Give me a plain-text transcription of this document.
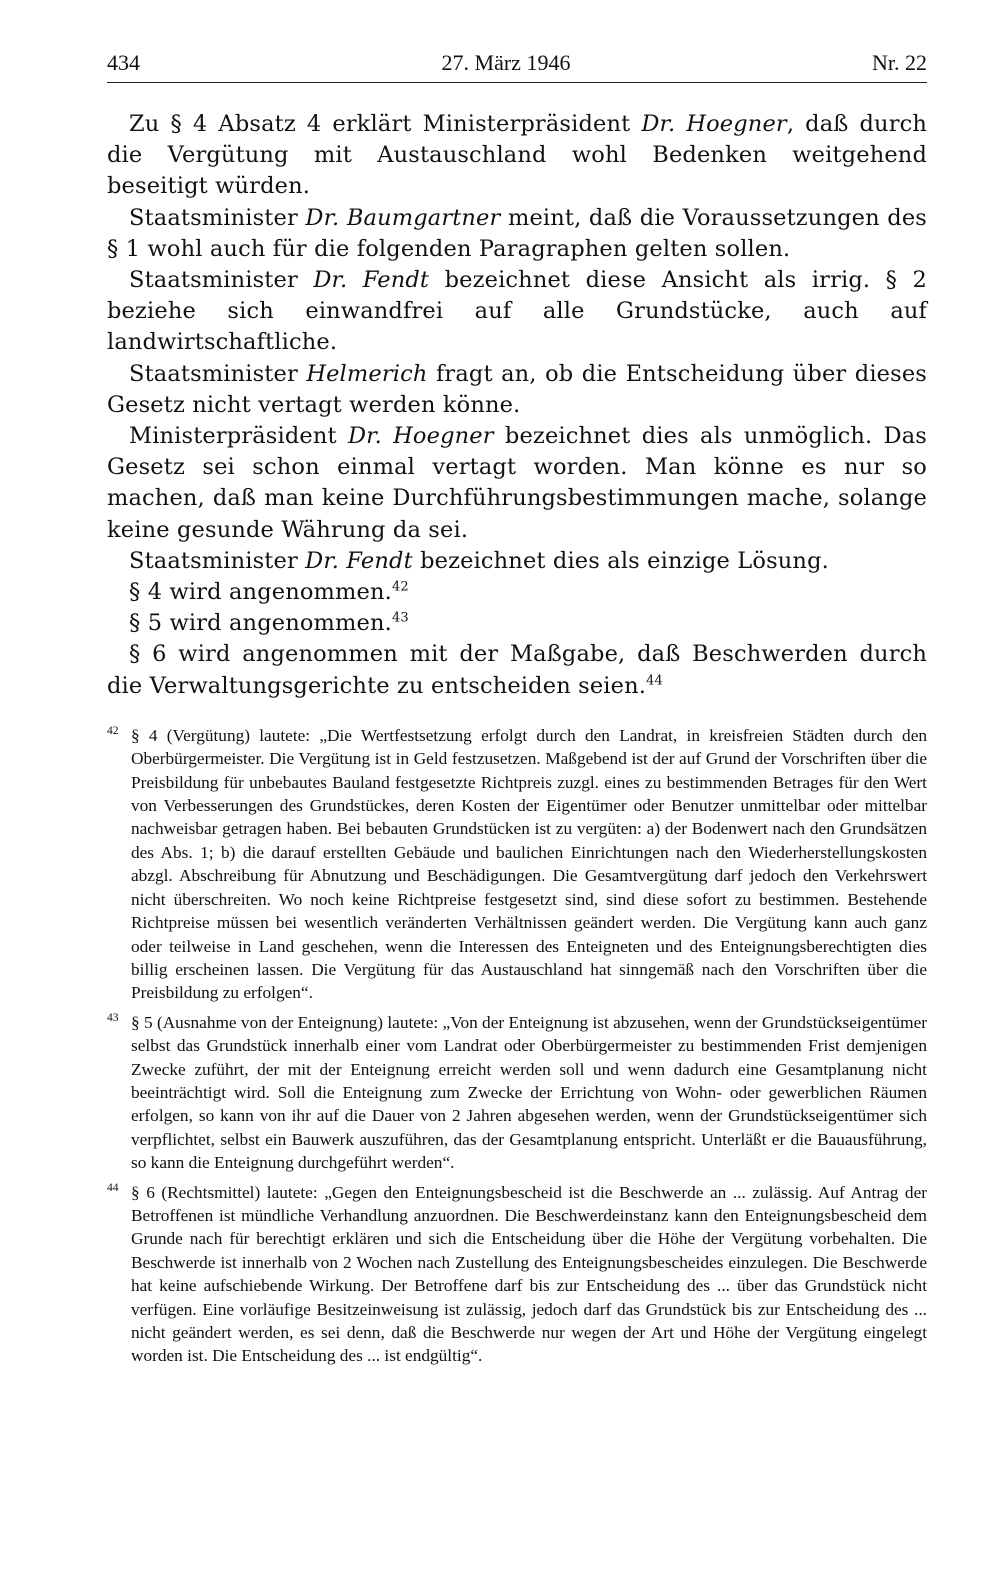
434	27. März 1946	Nr. 22

Zu § 4 Absatz 4 erklärt Ministerpräsident Dr. Hoegner, daß durch die Vergütung mit Austauschland wohl Bedenken weitgehend beseitigt würden.

Staatsminister Dr. Baumgartner meint, daß die Voraussetzungen des § 1 wohl auch für die folgenden Paragraphen gelten sollen.

Staatsminister Dr. Fendt bezeichnet diese Ansicht als irrig. § 2 beziehe sich einwandfrei auf alle Grundstücke, auch auf landwirtschaftliche.

Staatsminister Helmerich fragt an, ob die Entscheidung über dieses Gesetz nicht vertagt werden könne.

Ministerpräsident Dr. Hoegner bezeichnet dies als unmöglich. Das Gesetz sei schon einmal vertagt worden. Man könne es nur so machen, daß man keine Durchführungsbestimmungen mache, solange keine gesunde Währung da sei.

Staatsminister Dr. Fendt bezeichnet dies als einzige Lösung.

§ 4 wird angenommen.$^{42}$

§ 5 wird angenommen.$^{43}$

§ 6 wird angenommen mit der Maßgabe, daß Beschwerden durch die Verwaltungsgerichte zu entscheiden seien.$^{44}$

42 § 4 (Vergütung) lautete: „Die Wertfestsetzung erfolgt durch den Landrat, in kreisfreien Städten durch den Oberbürgermeister. Die Vergütung ist in Geld festzusetzen. Maßgebend ist der auf Grund der Vorschriften über die Preisbildung für unbebautes Bauland festgesetzte Richtpreis zuzgl. eines zu bestimmenden Betrages für den Wert von Verbesserungen des Grundstückes, deren Kosten der Eigentümer oder Benutzer unmittelbar oder mittelbar nachweisbar getragen haben. Bei bebauten Grundstücken ist zu vergüten: a) der Bodenwert nach den Grundsätzen des Abs. 1; b) die darauf erstellten Gebäude und baulichen Einrichtungen nach den Wiederherstellungskosten abzgl. Abschreibung für Abnutzung und Beschädigungen. Die Gesamtvergütung darf jedoch den Verkehrswert nicht überschreiten. Wo noch keine Richtpreise festgesetzt sind, sind diese sofort zu bestimmen. Bestehende Richtpreise müssen bei wesentlich veränderten Verhältnissen geändert werden. Die Vergütung kann auch ganz oder teilweise in Land geschehen, wenn die Interessen des Enteigneten und des Enteignungsberechtigten dies billig erscheinen lassen. Die Vergütung für das Austauschland hat sinngemäß nach den Vorschriften über die Preisbildung zu erfolgen“.
43 § 5 (Ausnahme von der Enteignung) lautete: „Von der Enteignung ist abzusehen, wenn der Grundstückseigentümer selbst das Grundstück innerhalb einer vom Landrat oder Oberbürgermeister zu bestimmenden Frist demjenigen Zwecke zuführt, der mit der Enteignung erreicht werden soll und wenn dadurch eine Gesamtplanung nicht beeinträchtigt wird. Soll die Enteignung zum Zwecke der Errichtung von Wohn- oder gewerblichen Räumen erfolgen, so kann von ihr auf die Dauer von 2 Jahren abgesehen werden, wenn der Grundstückseigentümer sich verpflichtet, selbst ein Bauwerk auszuführen, das der Gesamtplanung entspricht. Unterläßt er die Bauausführung, so kann die Enteignung durchgeführt werden“.
44 § 6 (Rechtsmittel) lautete: „Gegen den Enteignungsbescheid ist die Beschwerde an ... zulässig. Auf Antrag der Betroffenen ist mündliche Verhandlung anzuordnen. Die Beschwerdeinstanz kann den Enteignungsbescheid dem Grunde nach für berechtigt erklären und sich die Entscheidung über die Höhe der Vergütung vorbehalten. Die Beschwerde ist innerhalb von 2 Wochen nach Zustellung des Enteignungsbescheides einzulegen. Die Beschwerde hat keine aufschiebende Wirkung. Der Betroffene darf bis zur Entscheidung des ... über das Grundstück nicht verfügen. Eine vorläufige Besitzeinweisung ist zulässig, jedoch darf das Grundstück bis zur Entscheidung des ... nicht geändert werden, es sei denn, daß die Beschwerde nur wegen der Art und Höhe der Vergütung eingelegt worden ist. Die Entscheidung des ... ist endgültig“.
